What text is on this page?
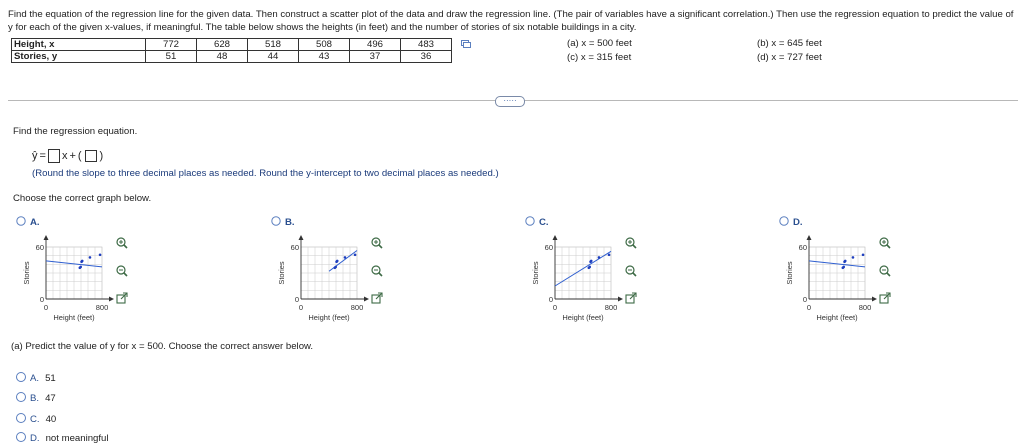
Find the equation of the regression line for the given data. Then construct a scatter plot of the data and draw the regression line. (The pair of variables have a significant correlation.) Then use the regression equation to predict the value of y for each of the given x-values, if meaningful. The table below shows the heights (in feet) and the number of stories of six notable buildings in a city.
Height, x	772	628	518	508	496	483
Stories, y	51	48	44	43	37	36
(a) x = 500 feet
(c) x = 315 feet
(b) x = 645 feet
(d) x = 727 feet
·····
Find the regression equation.
ŷ = x + ( )
(Round the slope to three decimal places as needed. Round the y-intercept to two decimal places as needed.)
Choose the correct graph below.
A.
60
0
0	800
Stories
Height (feet)
B.
60
0
0	800
Stories
Height (feet)
C.
60
0
0	800
Stories
Height (feet)
D.
60
0
0	800
Stories
Height (feet)
(a) Predict the value of y for x = 500. Choose the correct answer below.
A. 51
B. 47
C. 40
D. not meaningful
